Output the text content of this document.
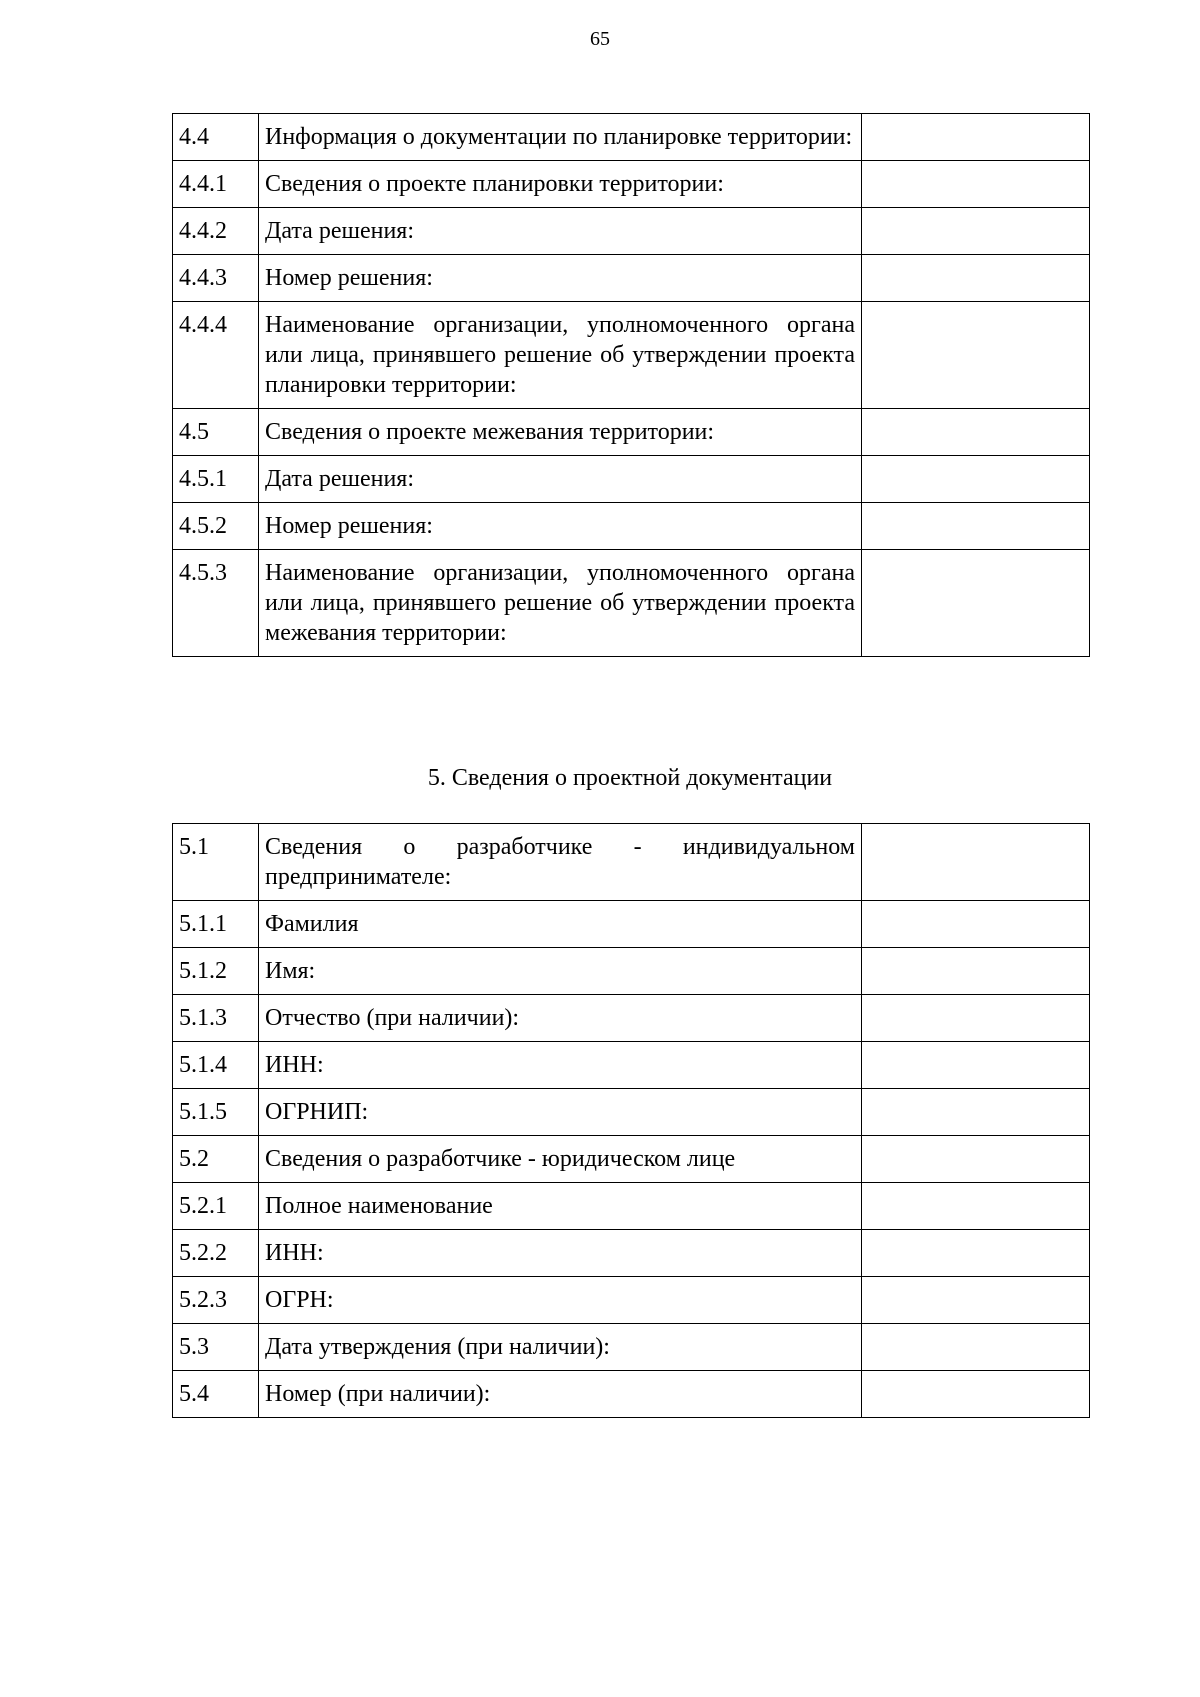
65
4.4	Информация о документации по планировке территории:	
4.4.1	Сведения о проекте планировки территории:	
4.4.2	Дата решения:	
4.4.3	Номер решения:	
4.4.4	Наименование организации, уполномоченного органа или лица, принявшего решение об утверждении проекта планировки территории:	
4.5	Сведения о проекте межевания территории:	
4.5.1	Дата решения:	
4.5.2	Номер решения:	
4.5.3	Наименование организации, уполномоченного органа или лица, принявшего решение об утверждении проекта межевания территории:	
5. Сведения о проектной документации
5.1	Сведения о разработчике - индивидуальном предпринимателе:	
5.1.1	Фамилия	
5.1.2	Имя:	
5.1.3	Отчество (при наличии):	
5.1.4	ИНН:	
5.1.5	ОГРНИП:	
5.2	Сведения о разработчике - юридическом лице	
5.2.1	Полное наименование	
5.2.2	ИНН:	
5.2.3	ОГРН:	
5.3	Дата утверждения (при наличии):	
5.4	Номер (при наличии):	
